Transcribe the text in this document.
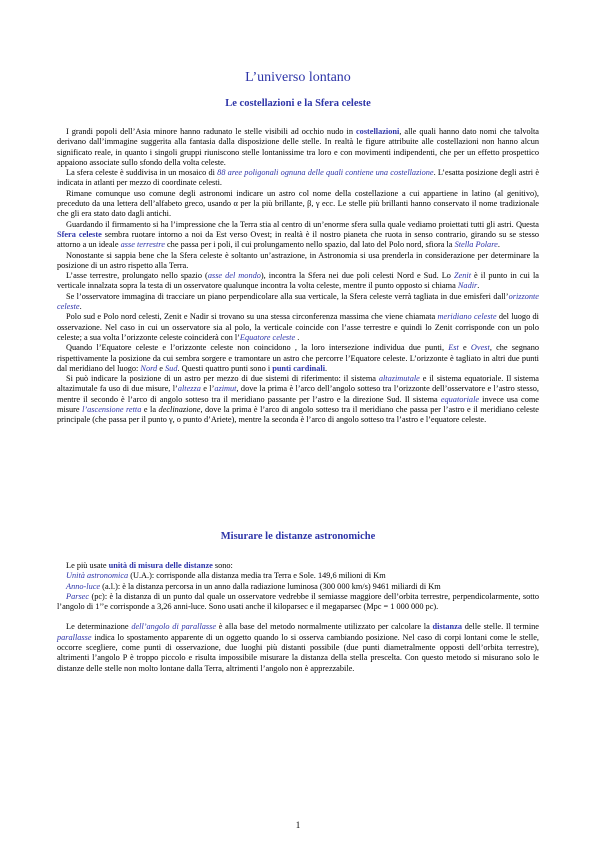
L’universo lontano
Le costellazioni e la Sfera celeste

I grandi popoli dell’Asia minore hanno radunato le stelle visibili ad occhio nudo in costellazioni, alle quali hanno dato nomi che talvolta derivano dall’immagine suggerita alla fantasia dalla disposizione delle stelle. In realtà le figure attribuite alle costellazioni non hanno alcun significato reale, in quanto i singoli gruppi riuniscono stelle lontanissime tra loro e con movimenti indipendenti, che per un effetto prospettico appaiono associate sullo sfondo della volta celeste.

La sfera celeste è suddivisa in un mosaico di 88 aree poligonali ognuna delle quali contiene una costellazione. L’esatta posizione degli astri è indicata in atlanti per mezzo di coordinate celesti.

Rimane comunque uso comune degli astronomi indicare un astro col nome della costellazione a cui appartiene in latino (al genitivo), preceduto da una lettera dell’alfabeto greco, usando α per la più brillante, β, γ ecc. Le stelle più brillanti hanno conservato il nome tradizionale che gli era stato dato dagli antichi.

Guardando il firmamento si ha l’impressione che la Terra stia al centro di un’enorme sfera sulla quale vediamo proiettati tutti gli astri. Questa Sfera celeste sembra ruotare intorno a noi da Est verso Ovest; in realtà è il nostro pianeta che ruota in senso contrario, girando su se stesso attorno a un ideale asse terrestre che passa per i poli, il cui prolungamento nello spazio, dal lato del Polo nord, sfiora la Stella Polare.

Nonostante si sappia bene che la Sfera celeste è soltanto un’astrazione, in Astronomia si usa prenderla in considerazione per determinare la posizione di un astro rispetto alla Terra.

L’asse terrestre, prolungato nello spazio (asse del mondo), incontra la Sfera nei due poli celesti Nord e Sud. Lo Zenit è il punto in cui la verticale innalzata sopra la testa di un osservatore qualunque incontra la volta celeste, mentre il punto opposto si chiama Nadir.

Se l’osservatore immagina di tracciare un piano perpendicolare alla sua verticale, la Sfera celeste verrà tagliata in due emisferi dall’orizzonte celeste.

Polo sud e Polo nord celesti, Zenit e Nadir si trovano su una stessa circonferenza massima che viene chiamata meridiano celeste del luogo di osservazione. Nel caso in cui un osservatore sia al polo, la verticale coincide con l’asse terrestre e quindi lo Zenit corrisponde con un polo celeste; a sua volta l’orizzonte celeste coinciderà con l’Equatore celeste .

Quando l’Equatore celeste e l’orizzonte celeste non coincidono , la loro intersezione individua due punti, Est e Ovest, che segnano rispettivamente la posizione da cui sembra sorgere e tramontare un astro che percorre l’Equatore celeste. L’orizzonte è tagliato in altri due punti dal meridiano del luogo: Nord e Sud. Questi quattro punti sono i punti cardinali.

Si può indicare la posizione di un astro per mezzo di due sistemi di riferimento: il sistema altazimutale e il sistema equatoriale. Il sistema altazimutale fa uso di due misure, l’altezza e l’azimut, dove la prima è l’arco dell’angolo sotteso tra l’orizzonte dell’osservatore e l’astro stesso, mentre il secondo è l’arco di angolo sotteso tra il meridiano passante per l’astro e la direzione Sud. Il sistema equatoriale invece usa come misure l’ascensione retta e la declinazione, dove la prima è l’arco di angolo sotteso tra il meridiano che passa per l’astro e il meridiano celeste principale (che passa per il punto γ, o punto d’Ariete), mentre la seconda è l’arco di angolo sotteso tra l’astro e l’equatore celeste.

Misurare le distanze astronomiche

Le più usate unità di misura delle distanze sono:

Unità astronomica (U.A.): corrisponde alla distanza media tra Terra e Sole. 149,6 milioni di Km

Anno-luce (a.l.): è la distanza percorsa in un anno dalla radiazione luminosa (300 000 km/s) 9461 miliardi di Km

Parsec (pc): è la distanza di un punto dal quale un osservatore vedrebbe il semiasse maggiore dell’orbita terrestre, perpendicolarmente, sotto l’angolo di 1’’e corrisponde a 3,26 anni-luce. Sono usati anche il kiloparsec e il megaparsec (Mpc = 1 000 000 pc).

Le determinazione dell’angolo di parallasse è alla base del metodo normalmente utilizzato per calcolare la distanza delle stelle. Il termine parallasse indica lo spostamento apparente di un oggetto quando lo si osserva cambiando posizione. Nel caso di corpi lontani come le stelle, occorre scegliere, come punti di osservazione, due luoghi più distanti possibile (due punti diametralmente opposti dell’orbita terrestre), altrimenti l’angolo P è troppo piccolo e risulta impossibile misurare la distanza della stella prescelta. Con questo metodo si misurano solo le distanze delle stelle non molto lontane dalla Terra, altrimenti l’angolo non è apprezzabile.

1
